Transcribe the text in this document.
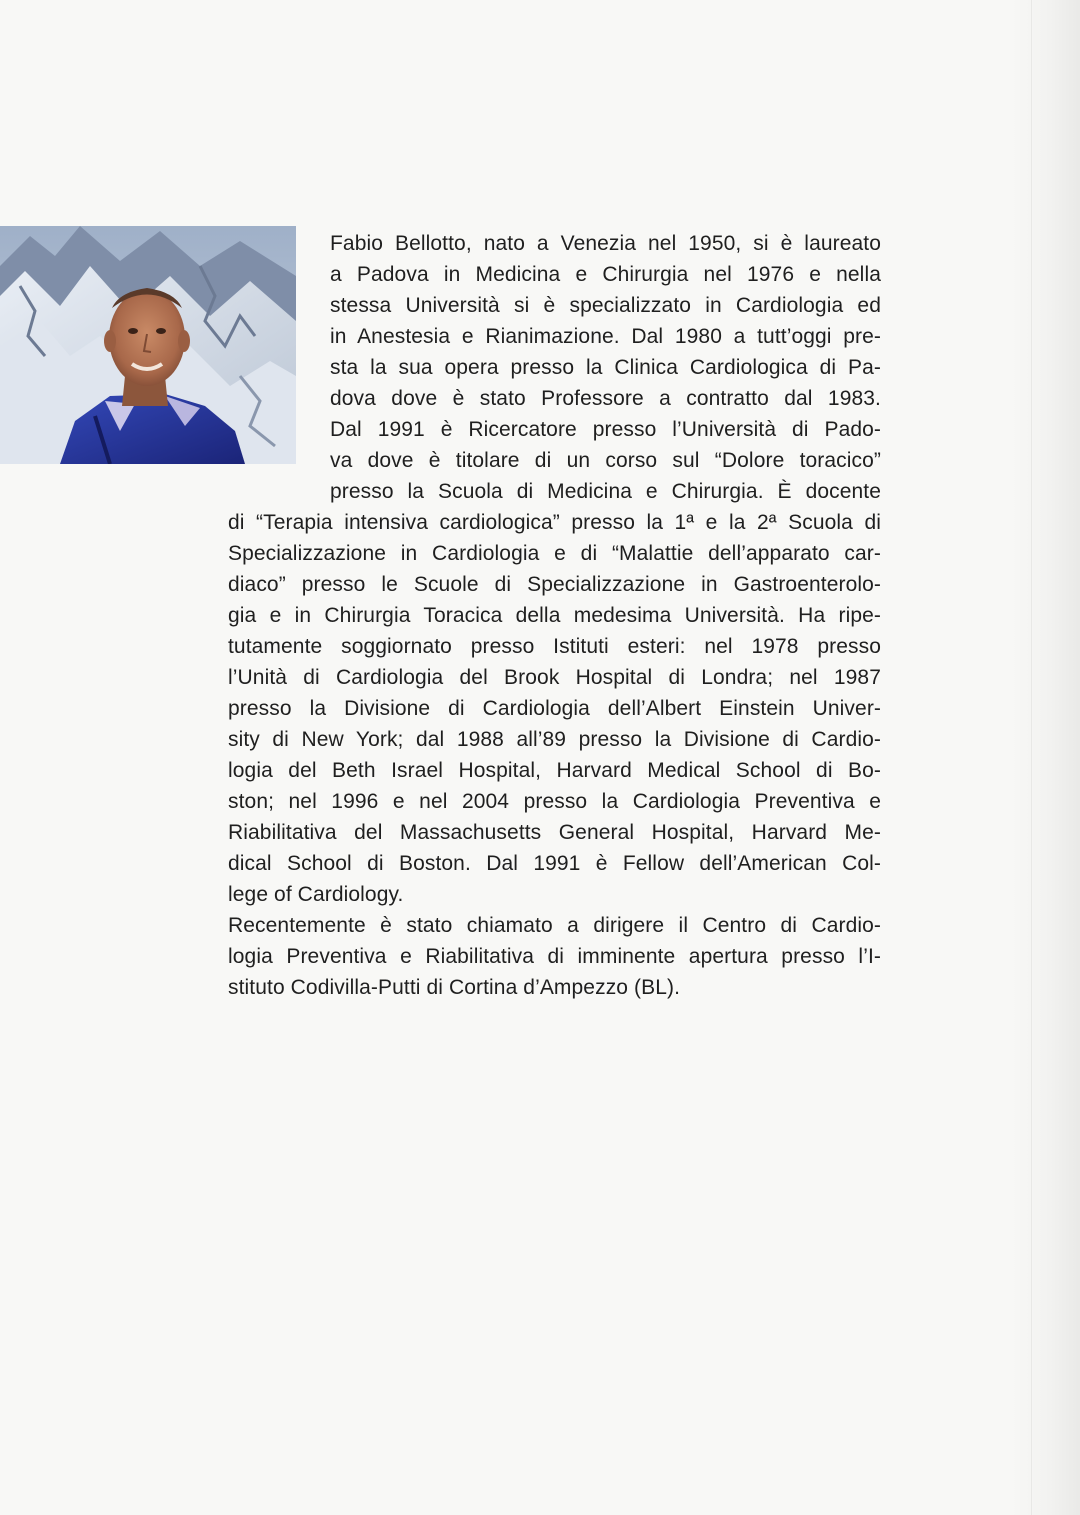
Fabio Bellotto, nato a Venezia nel 1950, si è laureato
a Padova in Medicina e Chirurgia nel 1976 e nella
stessa Università si è specializzato in Cardiologia ed
in Anestesia e Rianimazione. Dal 1980 a tutt’oggi pre-
sta la sua opera presso la Clinica Cardiologica di Pa-
dova dove è stato Professore a contratto dal 1983.
Dal 1991 è Ricercatore presso l’Università di Pado-
va dove è titolare di un corso sul “Dolore toracico”
presso la Scuola di Medicina e Chirurgia. È docente
di “Terapia intensiva cardiologica” presso la 1ª e la 2ª Scuola di
Specializzazione in Cardiologia e di “Malattie dell’apparato car-
diaco” presso le Scuole di Specializzazione in Gastroenterolo-
gia e in Chirurgia Toracica della medesima Università. Ha ripe-
tutamente soggiornato presso Istituti esteri: nel 1978 presso
l’Unità di Cardiologia del Brook Hospital di Londra; nel 1987
presso la Divisione di Cardiologia dell’Albert Einstein Univer-
sity di New York; dal 1988 all’89 presso la Divisione di Cardio-
logia del Beth Israel Hospital, Harvard Medical School di Bo-
ston; nel 1996 e nel 2004 presso la Cardiologia Preventiva e
Riabilitativa del Massachusetts General Hospital, Harvard Me-
dical School di Boston. Dal 1991 è Fellow dell’American Col-
lege of Cardiology.
Recentemente è stato chiamato a dirigere il Centro di Cardio-
logia Preventiva e Riabilitativa di imminente apertura presso l’I-
stituto Codivilla-Putti di Cortina d’Ampezzo (BL).
